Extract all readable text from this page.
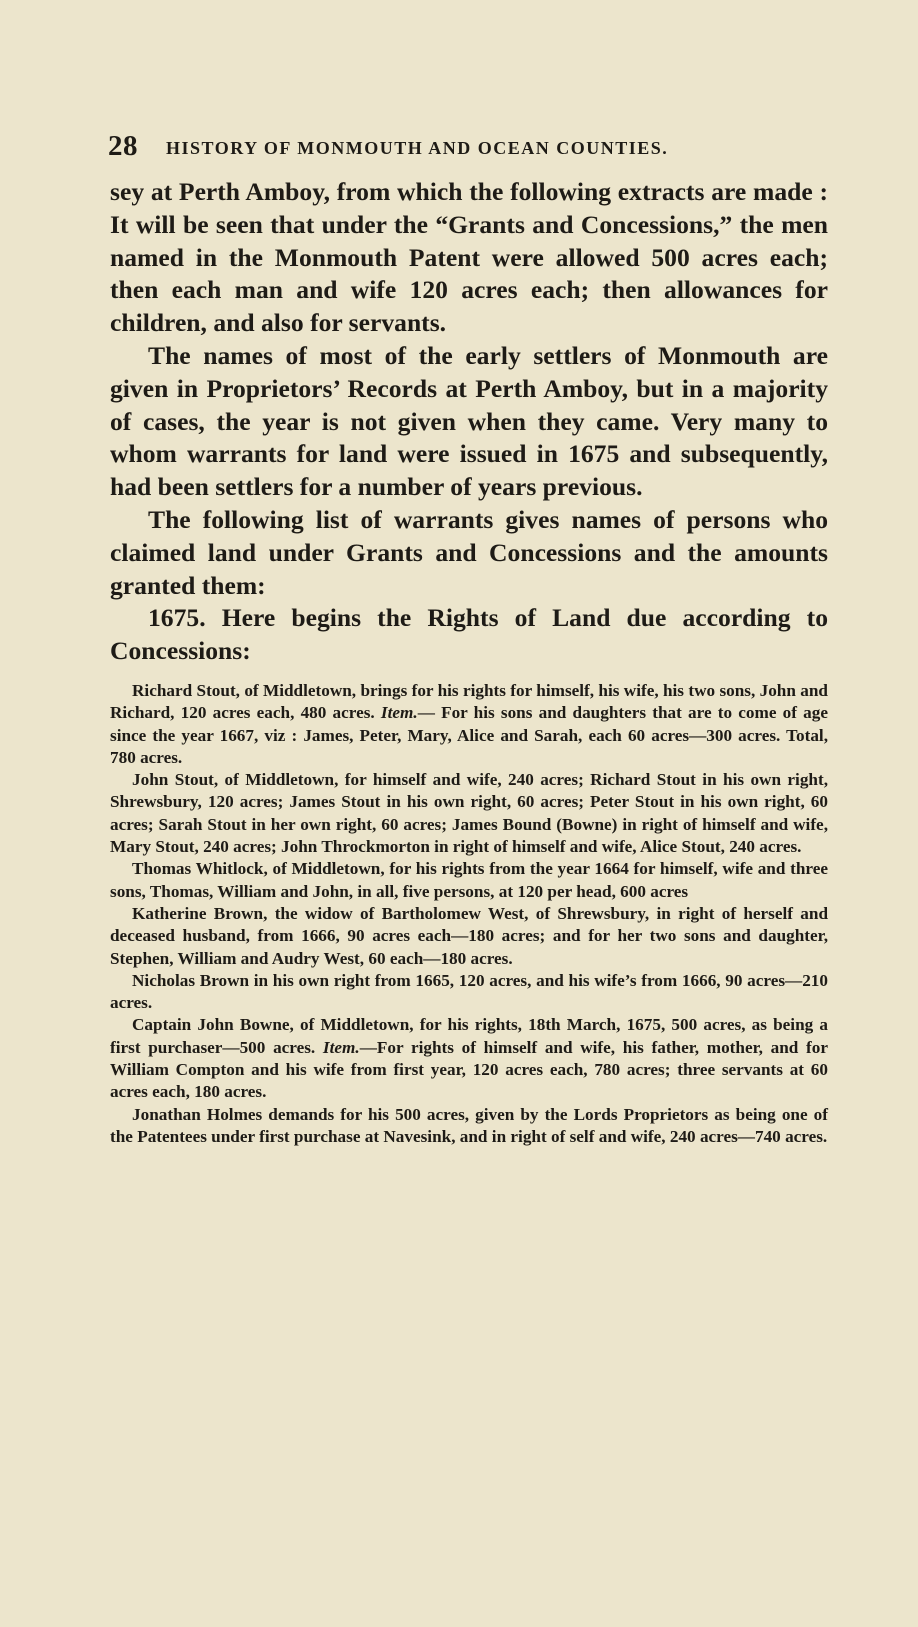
28 HISTORY OF MONMOUTH AND OCEAN COUNTIES.

sey at Perth Amboy, from which the following extracts are made : It will be seen that under the “Grants and Concessions,” the men named in the Monmouth Patent were allowed 500 acres each; then each man and wife 120 acres each; then allowances for children, and also for servants.

The names of most of the early settlers of Monmouth are given in Proprietors’ Records at Perth Amboy, but in a majority of cases, the year is not given when they came. Very many to whom warrants for land were issued in 1675 and subsequently, had been settlers for a number of years previous.

The following list of warrants gives names of persons who claimed land under Grants and Concessions and the amounts granted them:

1675. Here begins the Rights of Land due according to Concessions:

Richard Stout, of Middletown, brings for his rights for himself, his wife, his two sons, John and Richard, 120 acres each, 480 acres. Item.— For his sons and daughters that are to come of age since the year 1667, viz : James, Peter, Mary, Alice and Sarah, each 60 acres—300 acres. Total, 780 acres.

John Stout, of Middletown, for himself and wife, 240 acres; Richard Stout in his own right, Shrewsbury, 120 acres; James Stout in his own right, 60 acres; Peter Stout in his own right, 60 acres; Sarah Stout in her own right, 60 acres; James Bound (Bowne) in right of himself and wife, Mary Stout, 240 acres; John Throckmorton in right of himself and wife, Alice Stout, 240 acres.

Thomas Whitlock, of Middletown, for his rights from the year 1664 for himself, wife and three sons, Thomas, William and John, in all, five persons, at 120 per head, 600 acres

Katherine Brown, the widow of Bartholomew West, of Shrewsbury, in right of herself and deceased husband, from 1666, 90 acres each—180 acres; and for her two sons and daughter, Stephen, William and Audry West, 60 each—180 acres.

Nicholas Brown in his own right from 1665, 120 acres, and his wife’s from 1666, 90 acres—210 acres.

Captain John Bowne, of Middletown, for his rights, 18th March, 1675, 500 acres, as being a first purchaser—500 acres. Item.—For rights of himself and wife, his father, mother, and for William Compton and his wife from first year, 120 acres each, 780 acres; three servants at 60 acres each, 180 acres.

Jonathan Holmes demands for his 500 acres, given by the Lords Proprietors as being one of the Patentees under first purchase at Navesink, and in right of self and wife, 240 acres—740 acres.
